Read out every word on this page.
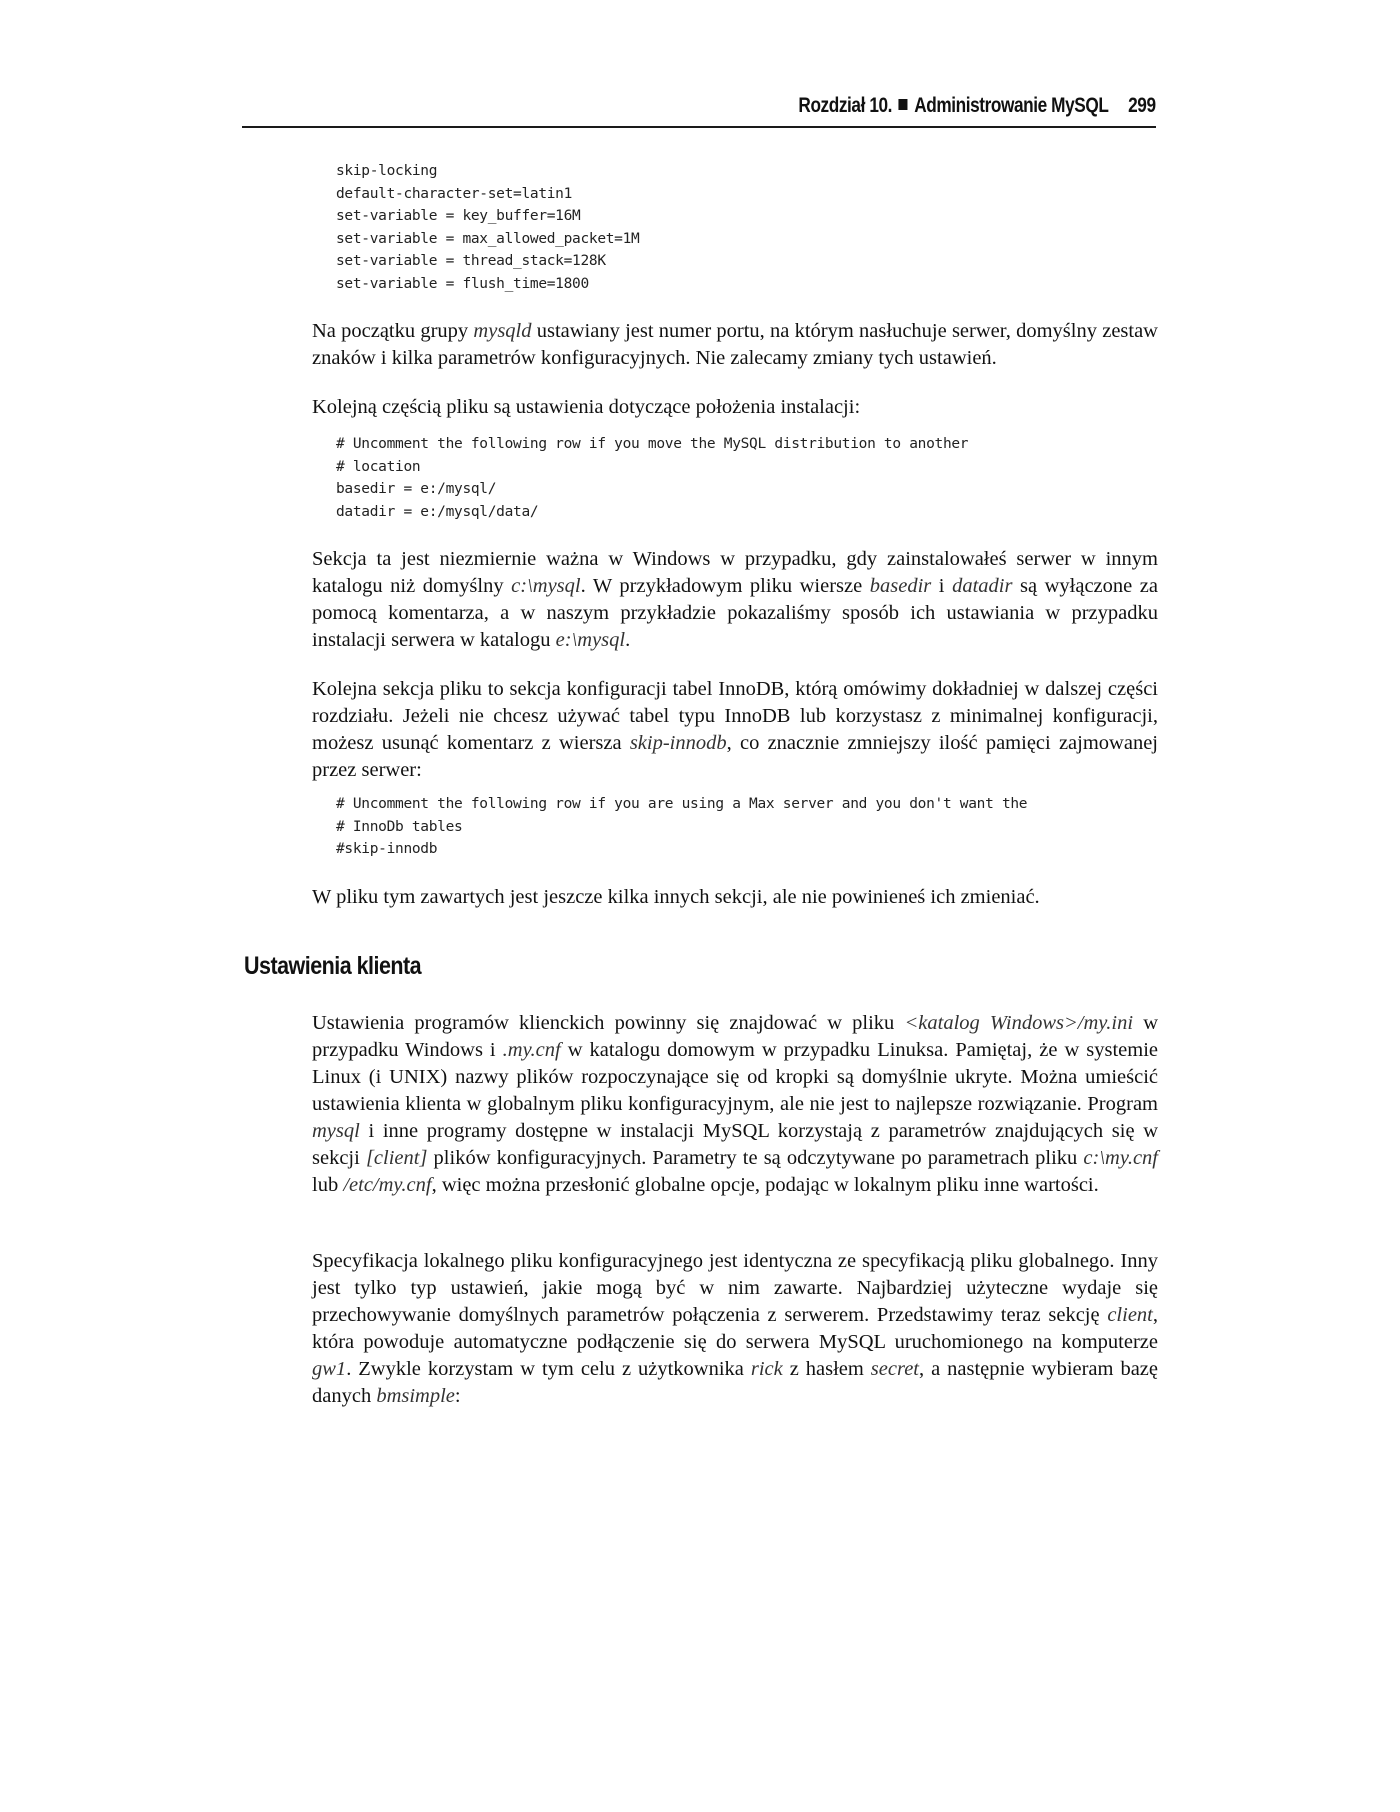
Rozdział 10. Administrowanie MySQL 299
skip-locking
default-character-set=latin1
set-variable = key_buffer=16M
set-variable = max_allowed_packet=1M
set-variable = thread_stack=128K
set-variable = flush_time=1800

Na początku grupy mysqld ustawiany jest numer portu, na którym nasłuchuje serwer, domyślny zestaw znaków i kilka parametrów konfiguracyjnych. Nie zalecamy zmiany tych ustawień.

Kolejną częścią pliku są ustawienia dotyczące położenia instalacji:

# Uncomment the following row if you move the MySQL distribution to another
# location
basedir = e:/mysql/
datadir = e:/mysql/data/

Sekcja ta jest niezmiernie ważna w Windows w przypadku, gdy zainstalowałeś serwer w innym katalogu niż domyślny c:\mysql. W przykładowym pliku wiersze basedir i datadir są wyłączone za pomocą komentarza, a w naszym przykładzie pokazaliśmy sposób ich ustawiania w przypadku instalacji serwera w katalogu e:\mysql.

Kolejna sekcja pliku to sekcja konfiguracji tabel InnoDB, którą omówimy dokładniej w dalszej części rozdziału. Jeżeli nie chcesz używać tabel typu InnoDB lub korzystasz z minimalnej konfiguracji, możesz usunąć komentarz z wiersza skip-innodb, co znacznie zmniejszy ilość pamięci zajmowanej przez serwer:

# Uncomment the following row if you are using a Max server and you don't want the
# InnoDb tables
#skip-innodb

W pliku tym zawartych jest jeszcze kilka innych sekcji, ale nie powinieneś ich zmieniać.

Ustawienia klienta

Ustawienia programów klienckich powinny się znajdować w pliku <katalog Windows>/my.ini w przypadku Windows i .my.cnf w katalogu domowym w przypadku Linuksa. Pamiętaj, że w systemie Linux (i UNIX) nazwy plików rozpoczynające się od kropki są domyślnie ukryte. Można umieścić ustawienia klienta w globalnym pliku konfiguracyjnym, ale nie jest to najlepsze rozwiązanie. Program mysql i inne programy dostępne w instalacji MySQL korzystają z parametrów znajdujących się w sekcji [client] plików konfiguracyjnych. Parametry te są odczytywane po parametrach pliku c:\my.cnf lub /etc/my.cnf, więc można przesłonić globalne opcje, podając w lokalnym pliku inne wartości.

Specyfikacja lokalnego pliku konfiguracyjnego jest identyczna ze specyfikacją pliku globalnego. Inny jest tylko typ ustawień, jakie mogą być w nim zawarte. Najbardziej użyteczne wydaje się przechowywanie domyślnych parametrów połączenia z serwerem. Przedstawimy teraz sekcję client, która powoduje automatyczne podłączenie się do serwera MySQL uruchomionego na komputerze gw1. Zwykle korzystam w tym celu z użytkownika rick z hasłem secret, a następnie wybieram bazę danych bmsimple:
